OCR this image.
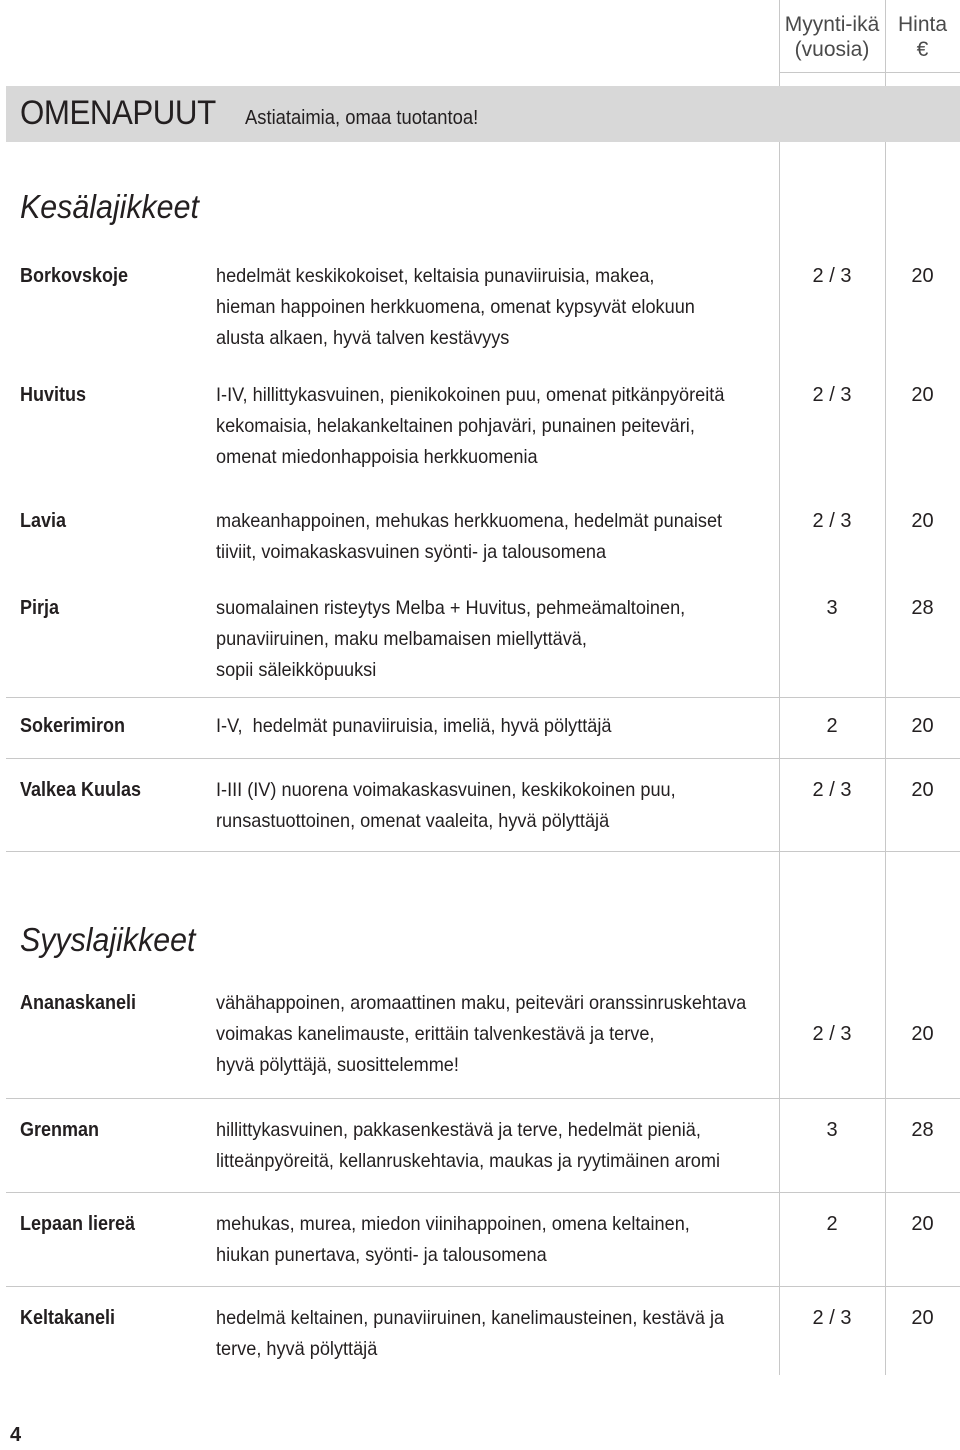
Myynti-ikä
(vuosia)
Hinta
€
OMENAPUUT Astiataimia, omaa tuotantoa!
Kesälajikkeet
Borkovskoje	hedelmät keskikokoiset, keltaisia punaviiruisia, makea,
hieman happoinen herkkuomena, omenat kypsyvät elokuun
alusta alkaen, hyvä talven kestävyys
2 / 3	20
Huvitus	I-IV, hillittykasvuinen, pienikokoinen puu, omenat pitkänpyöreitä
kekomaisia, helakankeltainen pohjaväri, punainen peiteväri,
omenat miedonhappoisia herkkuomenia
2 / 3	20
Lavia	makeanhappoinen, mehukas herkkuomena, hedelmät punaiset
tiiviit, voimakaskasvuinen syönti- ja talousomena
2 / 3	20
Pirja	suomalainen risteytys Melba + Huvitus, pehmeämaltoinen,
punaviiruinen, maku melbamaisen miellyttävä,
sopii säleikköpuuksi
3	28
Sokerimiron	I-V,  hedelmät punaviiruisia, imeliä, hyvä pölyttäjä	2	20
Valkea Kuulas	I-III (IV) nuorena voimakaskasvuinen, keskikokoinen puu,
runsastuottoinen, omenat vaaleita, hyvä pölyttäjä
2 / 3	20
Syyslajikkeet
Ananaskaneli	vähähappoinen, aromaattinen maku, peiteväri oranssinruskehtava
voimakas kanelimauste, erittäin talvenkestävä ja terve,
hyvä pölyttäjä, suosittelemme!
2 / 3	20
Grenman	hillittykasvuinen, pakkasenkestävä ja terve, hedelmät pieniä,
litteänpyöreitä, kellanruskehtavia, maukas ja ryytimäinen aromi
3	28
Lepaan liereä	mehukas, murea, miedon viinihappoinen, omena keltainen,
hiukan punertava, syönti- ja talousomena
2	20
Keltakaneli	hedelmä keltainen, punaviiruinen, kanelimausteinen, kestävä ja
terve, hyvä pölyttäjä
2 / 3	20
4
